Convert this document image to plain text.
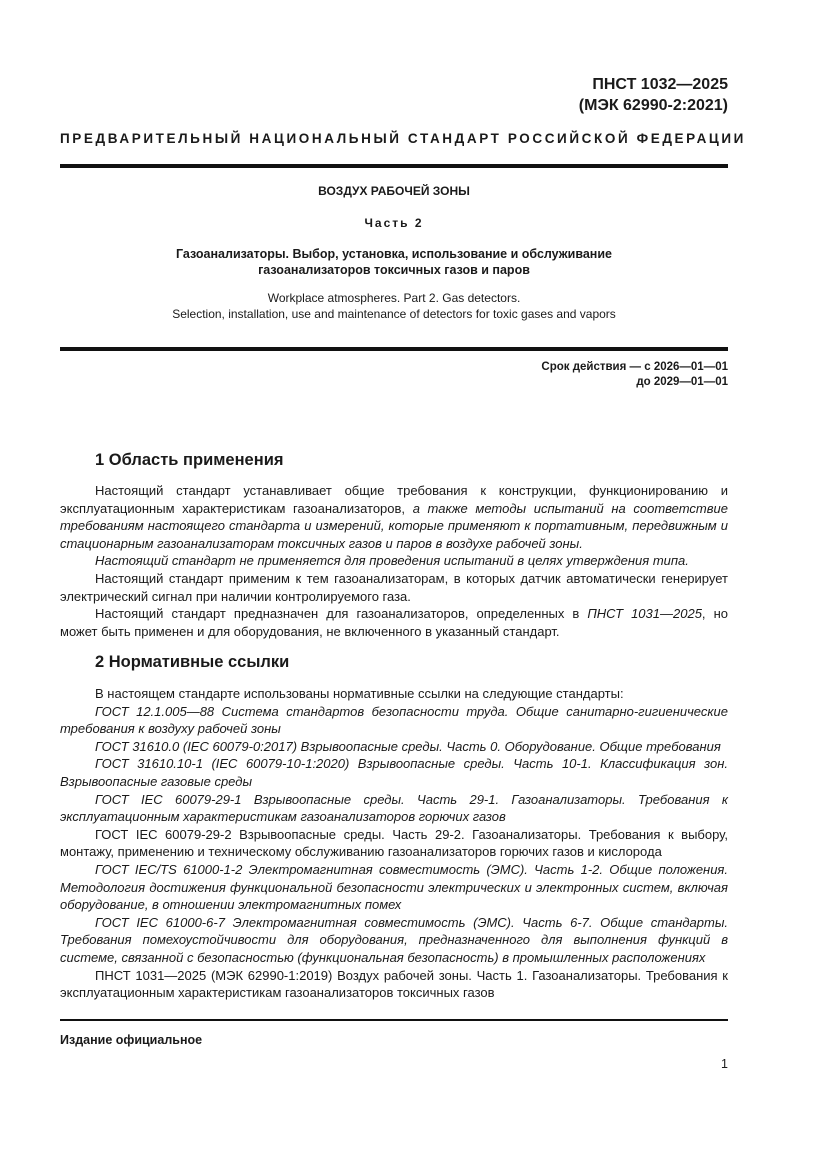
ПНСТ 1032—2025
(МЭК 62990-2:2021)
ПРЕДВАРИТЕЛЬНЫЙ НАЦИОНАЛЬНЫЙ СТАНДАРТ РОССИЙСКОЙ ФЕДЕРАЦИИ
ВОЗДУХ РАБОЧЕЙ ЗОНЫ
Часть 2
Газоанализаторы. Выбор, установка, использование и обслуживание
газоанализаторов токсичных газов и паров
Workplace atmospheres. Part 2. Gas detectors.
Selection, installation, use and maintenance of detectors for toxic gases and vapors
Срок действия — с 2026—01—01
до 2029—01—01
1 Область применения

Настоящий стандарт устанавливает общие требования к конструкции, функционированию и эксплуатационным характеристикам газоанализаторов, а также методы испытаний на соответствие требованиям настоящего стандарта и измерений, которые применяют к портативным, передвижным и стационарным газоанализаторам токсичных газов и паров в воздухе рабочей зоны.

Настоящий стандарт не применяется для проведения испытаний в целях утверждения типа.

Настоящий стандарт применим к тем газоанализаторам, в которых датчик автоматически генерирует электрический сигнал при наличии контролируемого газа.

Настоящий стандарт предназначен для газоанализаторов, определенных в ПНСТ 1031—2025, но может быть применен и для оборудования, не включенного в указанный стандарт.

2 Нормативные ссылки

В настоящем стандарте использованы нормативные ссылки на следующие стандарты:

ГОСТ 12.1.005—88 Система стандартов безопасности труда. Общие санитарно-гигиенические требования к воздуху рабочей зоны

ГОСТ 31610.0 (IEC 60079-0:2017) Взрывоопасные среды. Часть 0. Оборудование. Общие требования

ГОСТ 31610.10-1 (IEC 60079-10-1:2020) Взрывоопасные среды. Часть 10-1. Классификация зон. Взрывоопасные газовые среды

ГОСТ IEC 60079-29-1 Взрывоопасные среды. Часть 29-1. Газоанализаторы. Требования к эксплуатационным характеристикам газоанализаторов горючих газов

ГОСТ IEC 60079-29-2 Взрывоопасные среды. Часть 29-2. Газоанализаторы. Требования к выбору, монтажу, применению и техническому обслуживанию газоанализаторов горючих газов и кислорода

ГОСТ IEC/TS 61000-1-2 Электромагнитная совместимость (ЭМС). Часть 1-2. Общие положения. Методология достижения функциональной безопасности электрических и электронных систем, включая оборудование, в отношении электромагнитных помех

ГОСТ IEC 61000-6-7 Электромагнитная совместимость (ЭМС). Часть 6-7. Общие стандарты. Требования помехоустойчивости для оборудования, предназначенного для выполнения функций в системе, связанной с безопасностью (функциональная безопасность) в промышленных расположениях

ПНСТ 1031—2025 (МЭК 62990-1:2019) Воздух рабочей зоны. Часть 1. Газоанализаторы. Требования к эксплуатационным характеристикам газоанализаторов токсичных газов

Издание официальное
1
